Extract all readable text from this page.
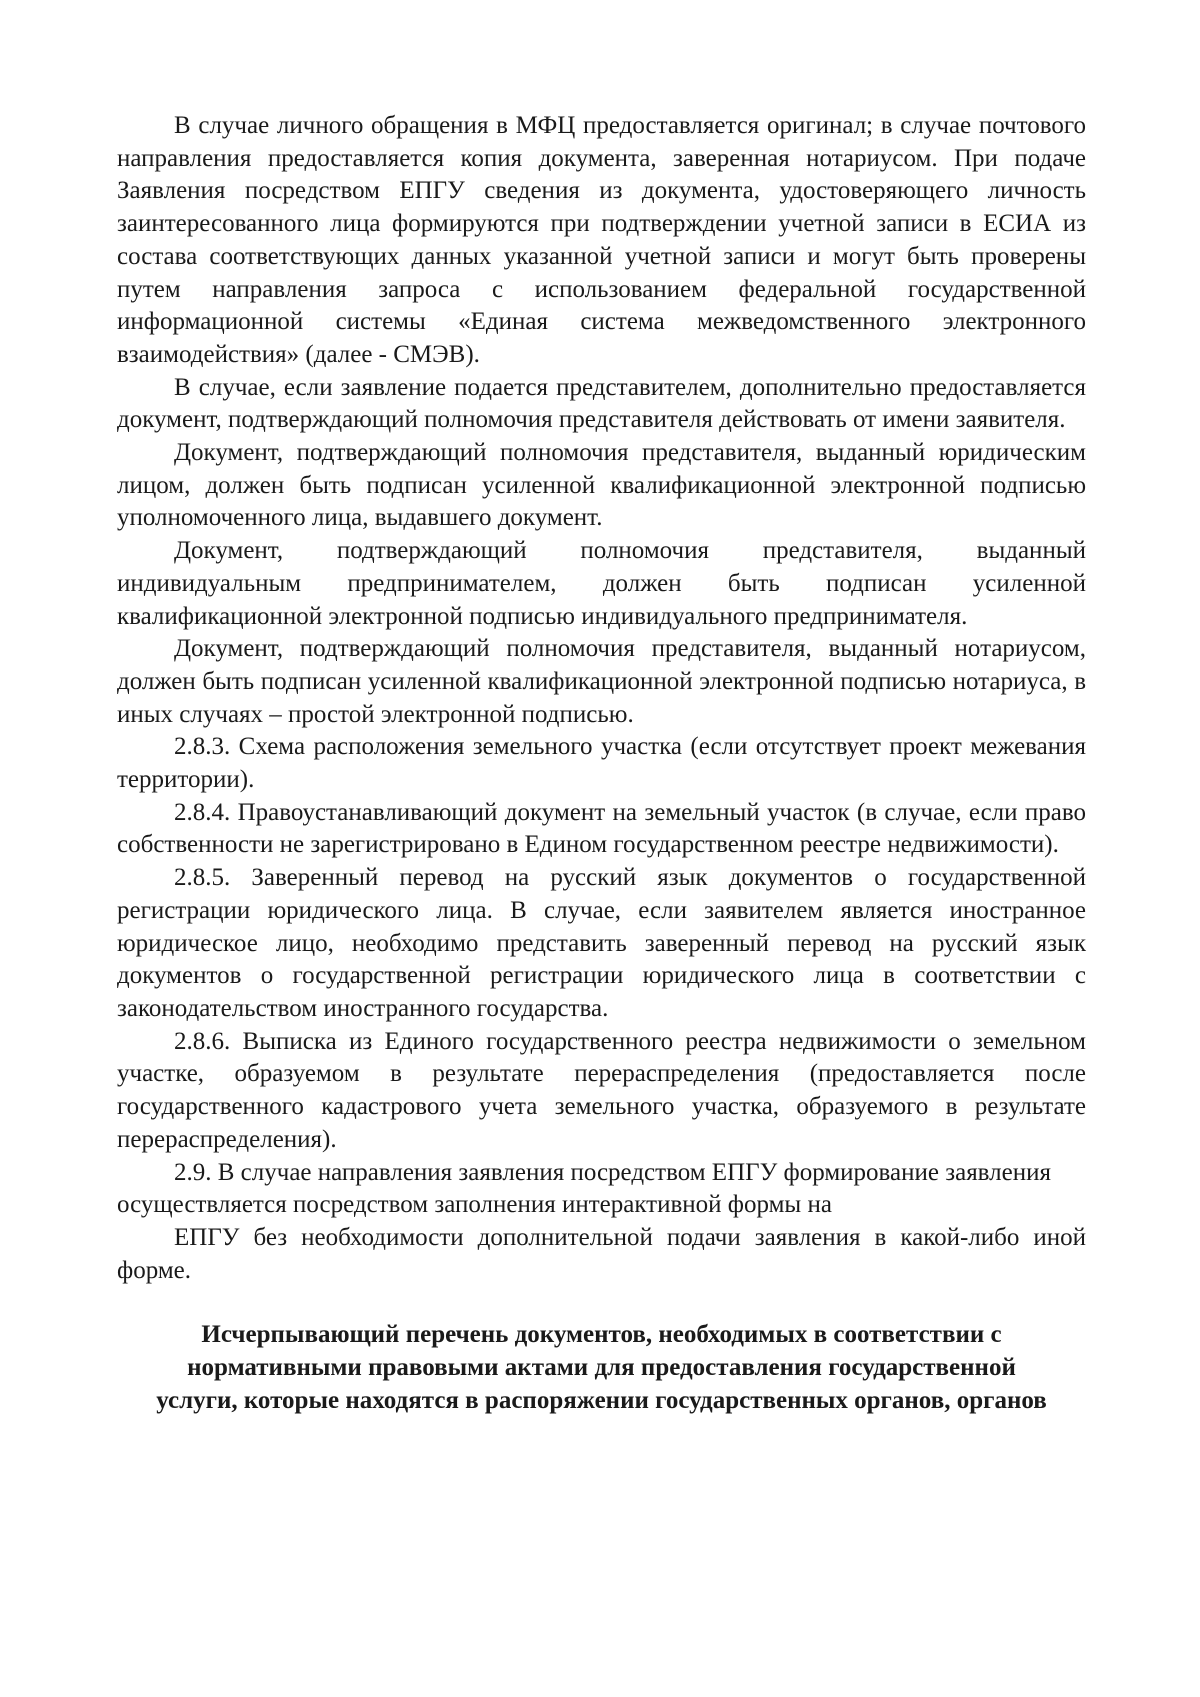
В случае личного обращения в МФЦ предоставляется оригинал; в случае почтового направления предоставляется копия документа, заверенная нотариусом. При подаче Заявления посредством ЕПГУ сведения из документа, удостоверяющего личность заинтересованного лица формируются при подтверждении учетной записи в ЕСИА из состава соответствующих данных указанной учетной записи и могут быть проверены путем направления запроса с использованием федеральной государственной информационной системы «Единая система межведомственного электронного взаимодействия» (далее - СМЭВ).

В случае, если заявление подается представителем, дополнительно предоставляется документ, подтверждающий полномочия представителя действовать от имени заявителя.

Документ, подтверждающий полномочия представителя, выданный юридическим лицом, должен быть подписан усиленной квалификационной электронной подписью уполномоченного лица, выдавшего документ.

Документ, подтверждающий полномочия представителя, выданный индивидуальным предпринимателем, должен быть подписан усиленной квалификационной электронной подписью индивидуального предпринимателя.

Документ, подтверждающий полномочия представителя, выданный нотариусом, должен быть подписан усиленной квалификационной электронной подписью нотариуса, в иных случаях – простой электронной подписью.

2.8.3. Схема расположения земельного участка (если отсутствует проект межевания территории).

2.8.4. Правоустанавливающий документ на земельный участок (в случае, если право собственности не зарегистрировано в Едином государственном реестре недвижимости).

2.8.5. Заверенный перевод на русский язык документов о государственной регистрации юридического лица. В случае, если заявителем является иностранное юридическое лицо, необходимо представить заверенный перевод на русский язык документов о государственной регистрации юридического лица в соответствии с законодательством иностранного государства.

2.8.6. Выписка из Единого государственного реестра недвижимости о земельном участке, образуемом в результате перераспределения (предоставляется после государственного кадастрового учета земельного участка, образуемого в результате перераспределения).

2.9. В случае направления заявления посредством ЕПГУ формирование заявления осуществляется посредством заполнения интерактивной формы на

ЕПГУ без необходимости дополнительной подачи заявления в какой-либо иной форме.

Исчерпывающий перечень документов, необходимых в соответствии с

нормативными правовыми актами для предоставления государственной

услуги, которые находятся в распоряжении государственных органов, органов
